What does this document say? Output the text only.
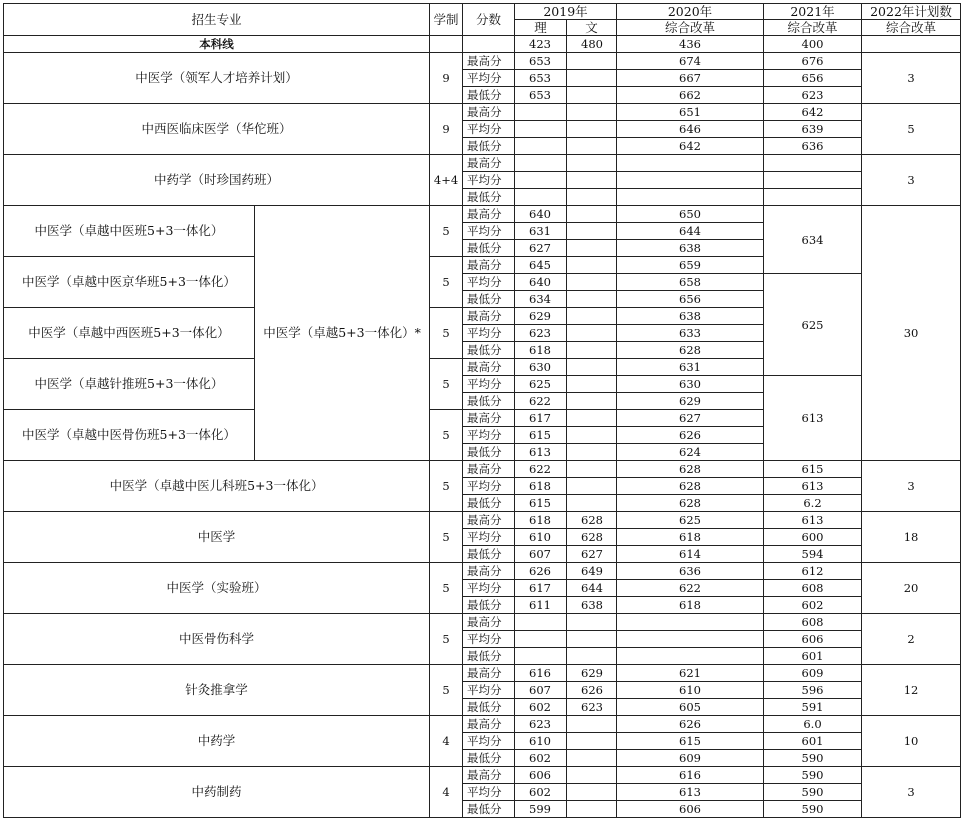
招生专业		学制	分数	2019年		2020年	2021年	2022年计划数
				理	文	综合改革	综合改革	综合改革
本科线				423	480	436	400	
中医学（领军人才培养计划）		9	最高分	653		674	676	3
			平均分	653		667	656	
			最低分	653		662	623	
中西医临床医学（华佗班）		9	最高分			651	642	5
			平均分			646	639	
			最低分			642	636	
中药学（时珍国药班）		4+4	最高分					3
			平均分					
			最低分					
中医学（卓越中医班5+3一体化）	中医学（卓越5+3一体化）*	5	最高分	640		650	634	30
			平均分	631		644		
			最低分	627		638		
中医学（卓越中医京华班5+3一体化）		5	最高分	645		659		
			平均分	640		658	625	
			最低分	634		656		
中医学（卓越中西医班5+3一体化）		5	最高分	629		638		
			平均分	623		633		
			最低分	618		628		
中医学（卓越针推班5+3一体化）		5	最高分	630		631		
			平均分	625		630	613	
			最低分	622		629		
中医学（卓越中医骨伤班5+3一体化）		5	最高分	617		627		
			平均分	615		626		
			最低分	613		624		
中医学（卓越中医儿科班5+3一体化）		5	最高分	622		628	615	3
			平均分	618		628	613	
			最低分	615		628	6.2	
中医学		5	最高分	618	628	625	613	18
			平均分	610	628	618	600	
			最低分	607	627	614	594	
中医学（实验班）		5	最高分	626	649	636	612	20
			平均分	617	644	622	608	
			最低分	611	638	618	602	
中医骨伤科学		5	最高分				608	2
			平均分				606	
			最低分				601	
针灸推拿学		5	最高分	616	629	621	609	12
			平均分	607	626	610	596	
			最低分	602	623	605	591	
中药学		4	最高分	623		626	6.0	10
			平均分	610		615	601	
			最低分	602		609	590	
中药制药		4	最高分	606		616	590	3
			平均分	602		613	590	
			最低分	599		606	590	
